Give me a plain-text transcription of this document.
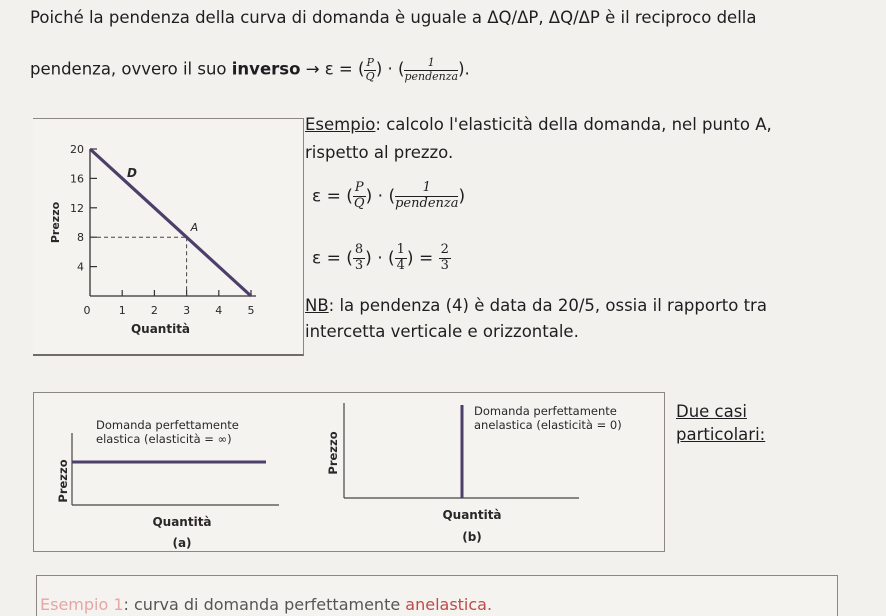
Poiché la pendenza della curva di domanda è uguale a ΔQ/ΔP, ΔQ/ΔP è il reciproco della
pendenza, ovvero il suo inverso → ε = ( $\frac{P}{Q}$ ) · ( $\frac{1}{\text{pendenza}}$ ).
4
8
12
16
20
0	1 2 3 4 5
D
A
Quantità
Prezzo
Esempio: calcolo l'elasticità della domanda, nel punto A,
rispetto al prezzo.
ε = ( $\frac{P}{Q}$ ) · ( $\frac{1}{\text{pendenza}}$ )
ε = ( $\frac{8}{3}$ ) · ( $\frac{1}{4}$ ) = $\frac{2}{3}$
NB: la pendenza (4) è data da 20/5, ossia il rapporto tra
intercetta verticale e orizzontale.
Domanda perfettamente
elastica (elasticità = ∞)
Prezzo
Quantità
(a)
Domanda perfettamente
anelastica (elasticità = 0)
Prezzo
Quantità
(b)
Due casi
particolari:
Esempio 1: curva di domanda perfettamente anelastica.
